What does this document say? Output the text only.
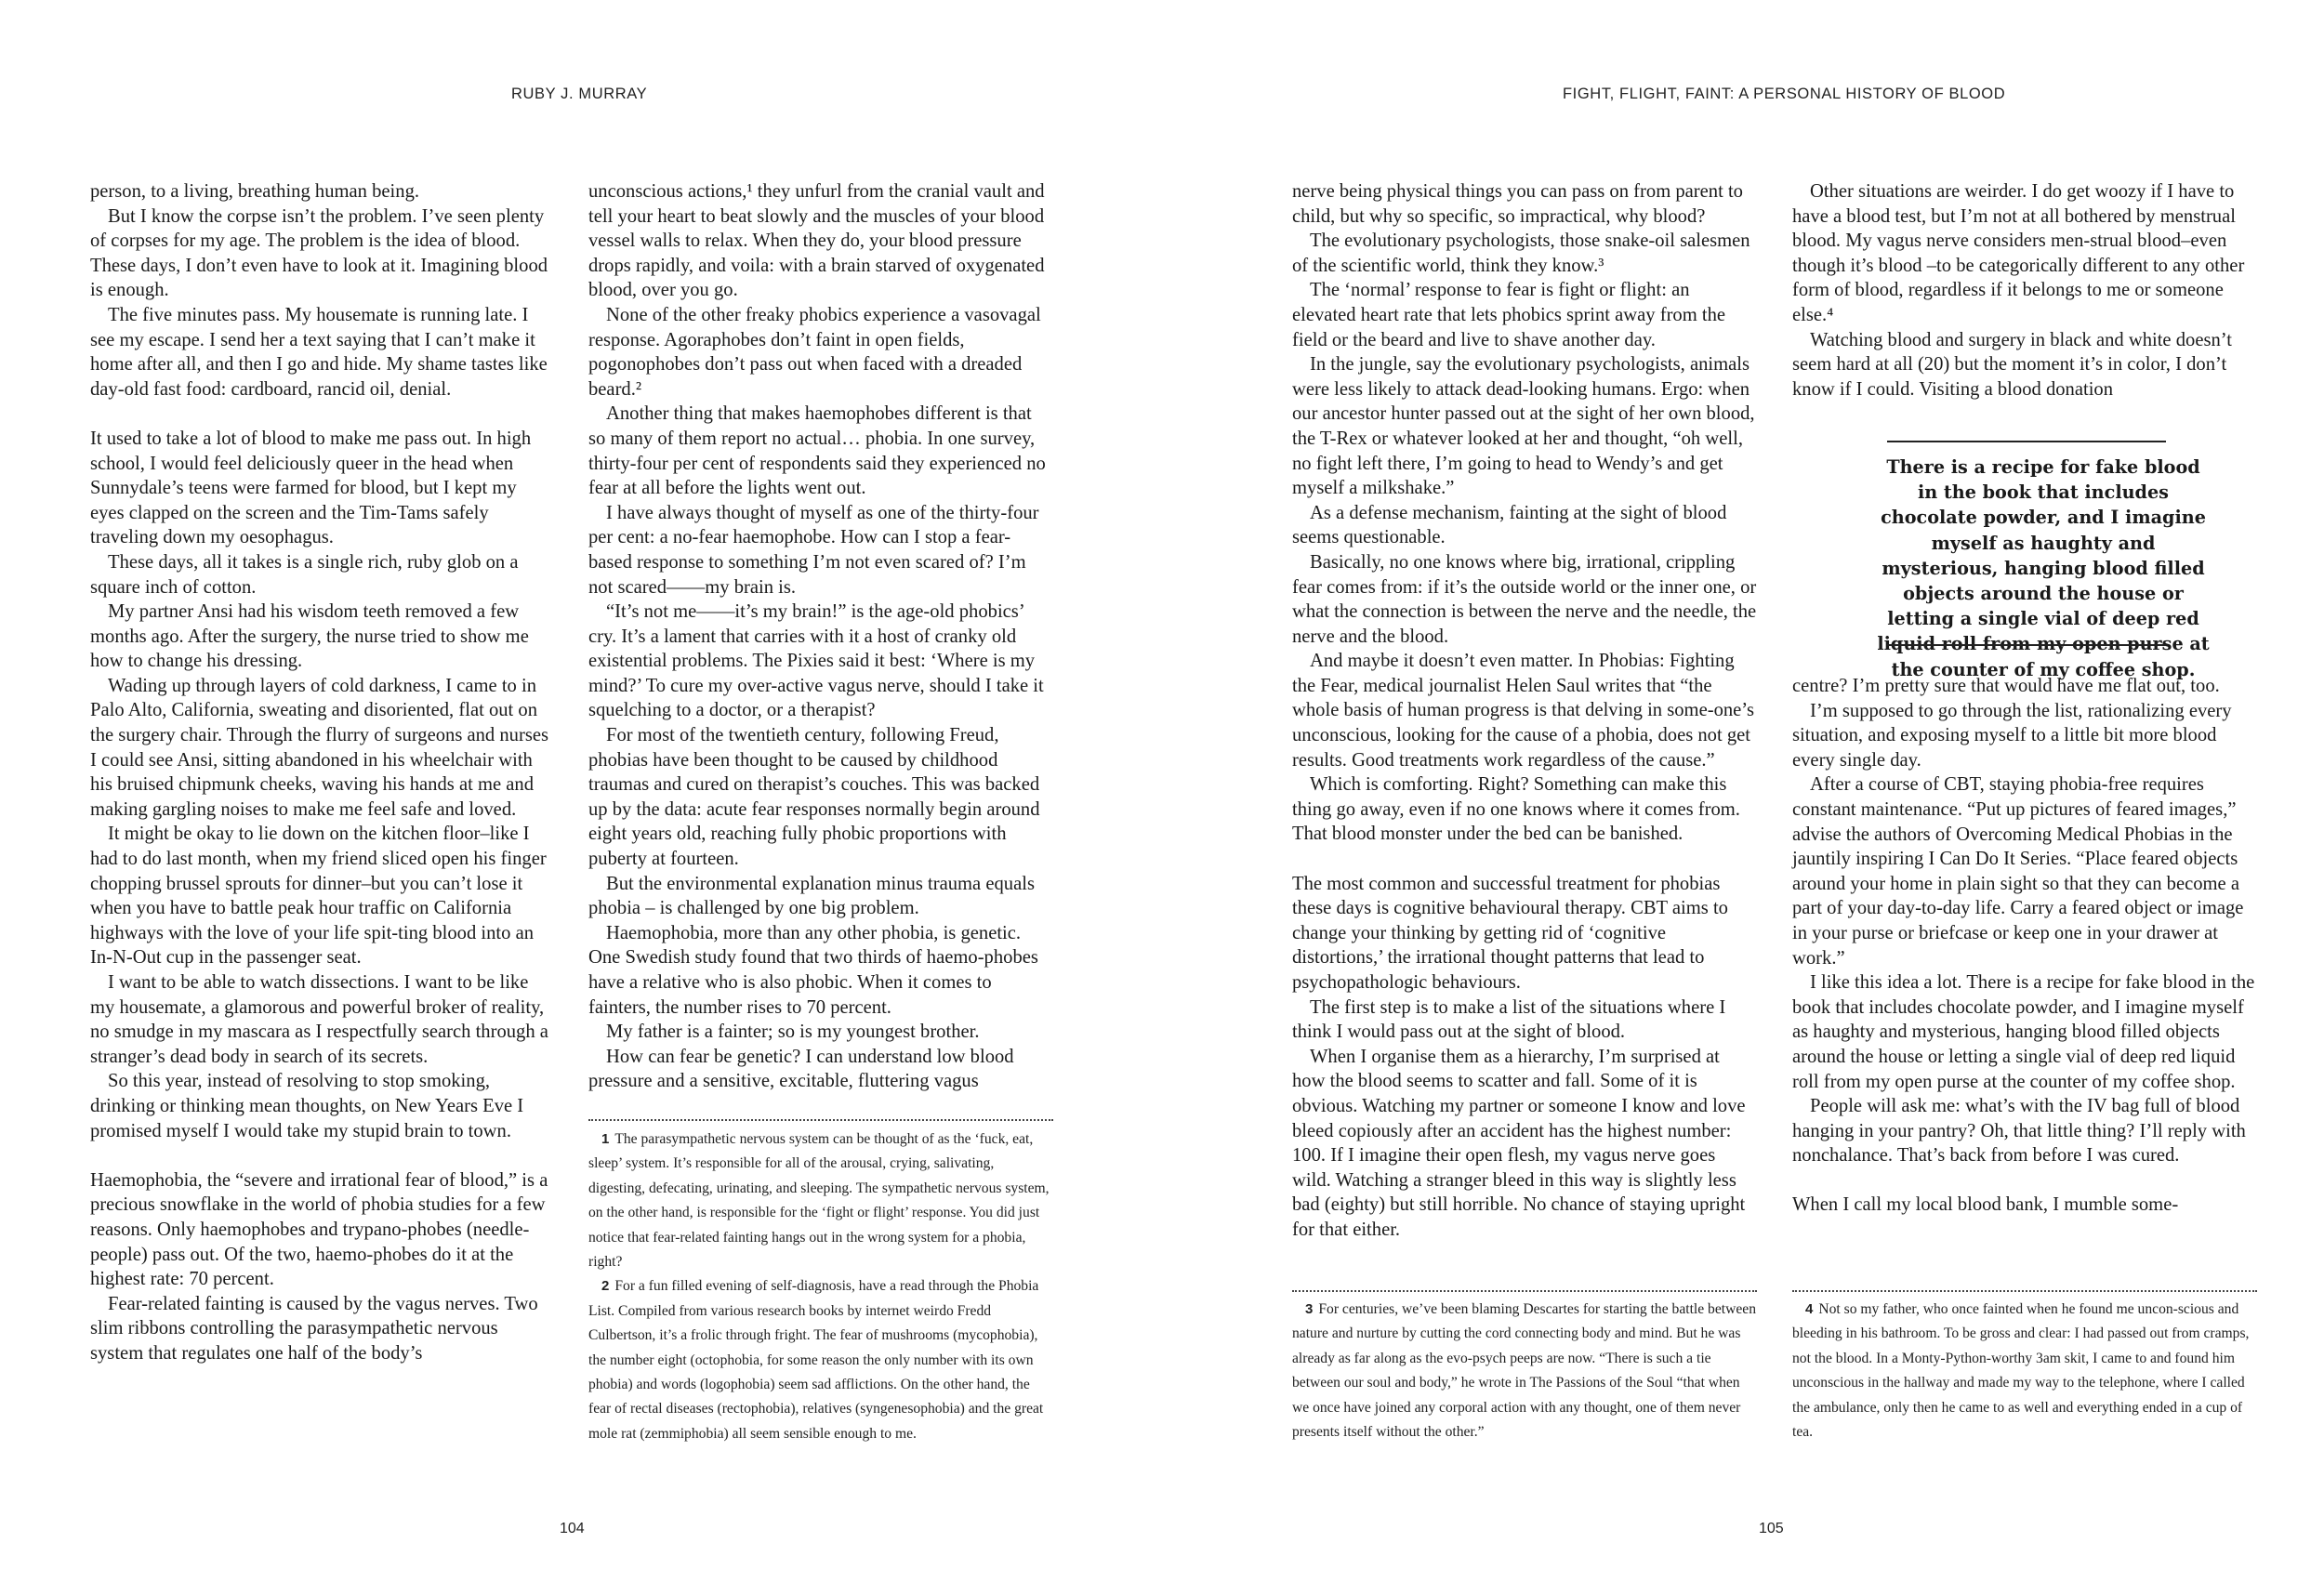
RUBY J. MURRAY

person, to a living, breathing human being.

But I know the corpse isn’t the problem. I’ve seen plenty of corpses for my age. The problem is the idea of blood. These days, I don’t even have to look at it. Imagining blood is enough.

The five minutes pass. My housemate is running late. I see my escape. I send her a text saying that I can’t make it home after all, and then I go and hide. My shame tastes like day-old fast food: cardboard, rancid oil, denial.

It used to take a lot of blood to make me pass out. In high school, I would feel deliciously queer in the head when Sunnydale’s teens were farmed for blood, but I kept my eyes clapped on the screen and the Tim-Tams safely traveling down my oesophagus.

These days, all it takes is a single rich, ruby glob on a square inch of cotton.

My partner Ansi had his wisdom teeth removed a few months ago. After the surgery, the nurse tried to show me how to change his dressing.

Wading up through layers of cold darkness, I came to in Palo Alto, California, sweating and disoriented, flat out on the surgery chair. Through the flurry of surgeons and nurses I could see Ansi, sitting abandoned in his wheelchair with his bruised chipmunk cheeks, waving his hands at me and making gargling noises to make me feel safe and loved.

It might be okay to lie down on the kitchen floor–like I had to do last month, when my friend sliced open his finger chopping brussel sprouts for dinner–but you can’t lose it when you have to battle peak hour traffic on California highways with the love of your life spit-ting blood into an In-N-Out cup in the passenger seat.

I want to be able to watch dissections. I want to be like my housemate, a glamorous and powerful broker of reality, no smudge in my mascara as I respectfully search through a stranger’s dead body in search of its secrets.

So this year, instead of resolving to stop smoking, drinking or thinking mean thoughts, on New Years Eve I promised myself I would take my stupid brain to town.

Haemophobia, the “severe and irrational fear of blood,” is a precious snowflake in the world of phobia studies for a few reasons. Only haemophobes and trypano-phobes (needle-people) pass out. Of the two, haemo-phobes do it at the highest rate: 70 percent.

Fear-related fainting is caused by the vagus nerves. Two slim ribbons controlling the parasympathetic nervous system that regulates one half of the body’s

unconscious actions,¹ they unfurl from the cranial vault and tell your heart to beat slowly and the muscles of your blood vessel walls to relax. When they do, your blood pressure drops rapidly, and voila: with a brain starved of oxygenated blood, over you go.

None of the other freaky phobics experience a vasovagal response. Agoraphobes don’t faint in open fields, pogonophobes don’t pass out when faced with a dreaded beard.²

Another thing that makes haemophobes different is that so many of them report no actual… phobia. In one survey, thirty-four per cent of respondents said they experienced no fear at all before the lights went out.

I have always thought of myself as one of the thirty-four per cent: a no-fear haemophobe. How can I stop a fear-based response to something I’m not even scared of? I’m not scared——my brain is.

“It’s not me——it’s my brain!” is the age-old phobics’ cry. It’s a lament that carries with it a host of cranky old existential problems. The Pixies said it best: ‘Where is my mind?’ To cure my over-active vagus nerve, should I take it squelching to a doctor, or a therapist?

For most of the twentieth century, following Freud, phobias have been thought to be caused by childhood traumas and cured on therapist’s couches. This was backed up by the data: acute fear responses normally begin around eight years old, reaching fully phobic proportions with puberty at fourteen.

But the environmental explanation minus trauma equals phobia – is challenged by one big problem.

Haemophobia, more than any other phobia, is genetic. One Swedish study found that two thirds of haemo-phobes have a relative who is also phobic. When it comes to fainters, the number rises to 70 percent.

My father is a fainter; so is my youngest brother.

How can fear be genetic? I can understand low blood pressure and a sensitive, excitable, fluttering vagus

1 The parasympathetic nervous system can be thought of as the ‘fuck, eat, sleep’ system. It’s responsible for all of the arousal, crying, salivating, digesting, defecating, urinating, and sleeping. The sympathetic nervous system, on the other hand, is responsible for the ‘fight or flight’ response. You did just notice that fear-related fainting hangs out in the wrong system for a phobia, right?

2 For a fun filled evening of self-diagnosis, have a read through the Phobia List. Compiled from various research books by internet weirdo Fredd Culbertson, it’s a frolic through fright. The fear of mushrooms (mycophobia), the number eight (octophobia, for some reason the only number with its own phobia) and words (logophobia) seem sad afflictions. On the other hand, the fear of rectal diseases (rectophobia), relatives (syngenesophobia) and the great mole rat (zemmiphobia) all seem sensible enough to me.

104
FIGHT, FLIGHT, FAINT: A PERSONAL HISTORY OF BLOOD

nerve being physical things you can pass on from parent to child, but why so specific, so impractical, why blood?

The evolutionary psychologists, those snake-oil salesmen of the scientific world, think they know.³

The ‘normal’ response to fear is fight or flight: an elevated heart rate that lets phobics sprint away from the field or the beard and live to shave another day.

In the jungle, say the evolutionary psychologists, animals were less likely to attack dead-looking humans. Ergo: when our ancestor hunter passed out at the sight of her own blood, the T-Rex or whatever looked at her and thought, “oh well, no fight left there, I’m going to head to Wendy’s and get myself a milkshake.”

As a defense mechanism, fainting at the sight of blood seems questionable.

Basically, no one knows where big, irrational, crippling fear comes from: if it’s the outside world or the inner one, or what the connection is between the nerve and the needle, the nerve and the blood.

And maybe it doesn’t even matter. In Phobias: Fighting the Fear, medical journalist Helen Saul writes that “the whole basis of human progress is that delving in some-one’s unconscious, looking for the cause of a phobia, does not get results. Good treatments work regardless of the cause.”

Which is comforting. Right? Something can make this thing go away, even if no one knows where it comes from. That blood monster under the bed can be banished.

The most common and successful treatment for phobias these days is cognitive behavioural therapy. CBT aims to change your thinking by getting rid of ‘cognitive distortions,’ the irrational thought patterns that lead to psychopathologic behaviours.

The first step is to make a list of the situations where I think I would pass out at the sight of blood.

When I organise them as a hierarchy, I’m surprised at how the blood seems to scatter and fall. Some of it is obvious. Watching my partner or someone I know and love bleed copiously after an accident has the highest number: 100. If I imagine their open flesh, my vagus nerve goes wild. Watching a stranger bleed in this way is slightly less bad (eighty) but still horrible. No chance of staying upright for that either.

Other situations are weirder. I do get woozy if I have to have a blood test, but I’m not at all bothered by menstrual blood. My vagus nerve considers men-strual blood–even though it’s blood –to be categorically different to any other form of blood, regardless if it belongs to me or someone else.⁴

Watching blood and surgery in black and white doesn’t seem hard at all (20) but the moment it’s in color, I don’t know if I could. Visiting a blood donation

There is a recipe for fake blood in the book that includes chocolate powder, and I imagine myself as haughty and mysterious, hanging blood filled objects around the house or letting a single vial of deep red liquid roll from my open purse at the counter of my coffee shop.

centre? I’m pretty sure that would have me flat out, too.

I’m supposed to go through the list, rationalizing every situation, and exposing myself to a little bit more blood every single day.

After a course of CBT, staying phobia-free requires constant maintenance. “Put up pictures of feared images,” advise the authors of Overcoming Medical Phobias in the jauntily inspiring I Can Do It Series. “Place feared objects around your home in plain sight so that they can become a part of your day-to-day life. Carry a feared object or image in your purse or briefcase or keep one in your drawer at work.”

I like this idea a lot. There is a recipe for fake blood in the book that includes chocolate powder, and I imagine myself as haughty and mysterious, hanging blood filled objects around the house or letting a single vial of deep red liquid roll from my open purse at the counter of my coffee shop.

People will ask me: what’s with the IV bag full of blood hanging in your pantry? Oh, that little thing? I’ll reply with nonchalance. That’s back from before I was cured.

When I call my local blood bank, I mumble some-

3 For centuries, we’ve been blaming Descartes for starting the battle between nature and nurture by cutting the cord connecting body and mind. But he was already as far along as the evo-psych peeps are now. “There is such a tie between our soul and body,” he wrote in The Passions of the Soul “that when we once have joined any corporal action with any thought, one of them never presents itself without the other.”

4 Not so my father, who once fainted when he found me uncon-scious and bleeding in his bathroom. To be gross and clear: I had passed out from cramps, not the blood. In a Monty-Python-worthy 3am skit, I came to and found him unconscious in the hallway and made my way to the telephone, where I called the ambulance, only then he came to as well and everything ended in a cup of tea.

105
